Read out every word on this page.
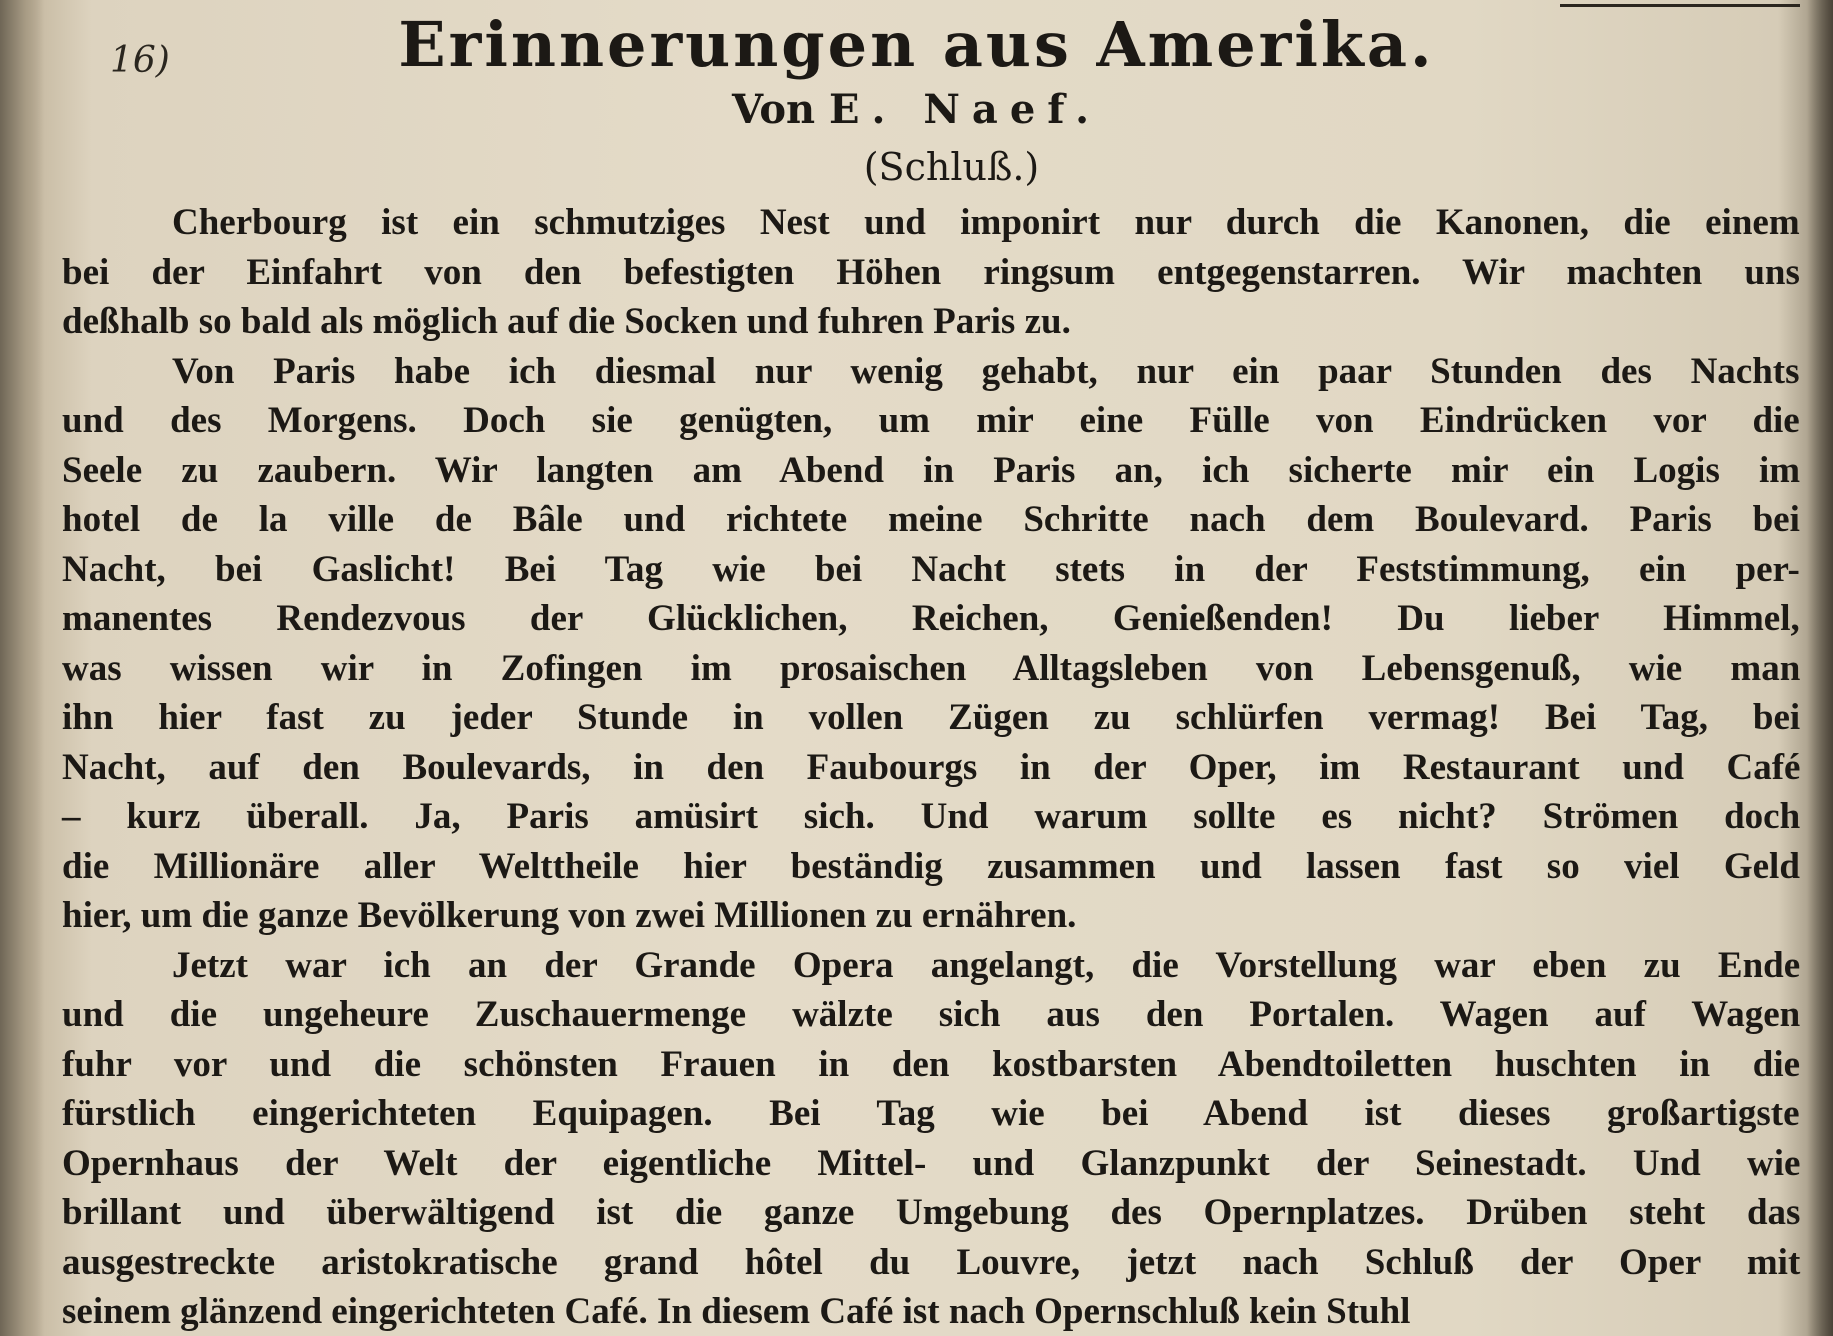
16)	Erinnerungen aus Amerika.
Von E. Naef.
(Schluß.)

Cherbourg ist ein schmutziges Nest und imponirt nur durch die Kanonen, die einem
bei der Einfahrt von den befestigten Höhen ringsum entgegenstarren. Wir machten uns
deßhalb so bald als möglich auf die Socken und fuhren Paris zu.

Von Paris habe ich diesmal nur wenig gehabt, nur ein paar Stunden des Nachts
und des Morgens. Doch sie genügten, um mir eine Fülle von Eindrücken vor die
Seele zu zaubern. Wir langten am Abend in Paris an, ich sicherte mir ein Logis im
hotel de la ville de Bâle und richtete meine Schritte nach dem Boulevard. Paris bei
Nacht, bei Gaslicht! Bei Tag wie bei Nacht stets in der Feststimmung, ein per-
manentes Rendezvous der Glücklichen, Reichen, Genießenden! Du lieber Himmel,
was wissen wir in Zofingen im prosaischen Alltagsleben von Lebensgenuß, wie man
ihn hier fast zu jeder Stunde in vollen Zügen zu schlürfen vermag! Bei Tag, bei
Nacht, auf den Boulevards, in den Faubourgs in der Oper, im Restaurant und Café
– kurz überall. Ja, Paris amüsirt sich. Und warum sollte es nicht? Strömen doch
die Millionäre aller Welttheile hier beständig zusammen und lassen fast so viel Geld
hier, um die ganze Bevölkerung von zwei Millionen zu ernähren.

Jetzt war ich an der Grande Opera angelangt, die Vorstellung war eben zu Ende
und die ungeheure Zuschauermenge wälzte sich aus den Portalen. Wagen auf Wagen
fuhr vor und die schönsten Frauen in den kostbarsten Abendtoiletten huschten in die
fürstlich eingerichteten Equipagen. Bei Tag wie bei Abend ist dieses großartigste
Opernhaus der Welt der eigentliche Mittel- und Glanzpunkt der Seinestadt. Und wie
brillant und überwältigend ist die ganze Umgebung des Opernplatzes. Drüben steht das
ausgestreckte aristokratische grand hôtel du Louvre, jetzt nach Schluß der Oper mit
seinem glänzend eingerichteten Café. In diesem Café ist nach Opernschluß kein Stuhl
